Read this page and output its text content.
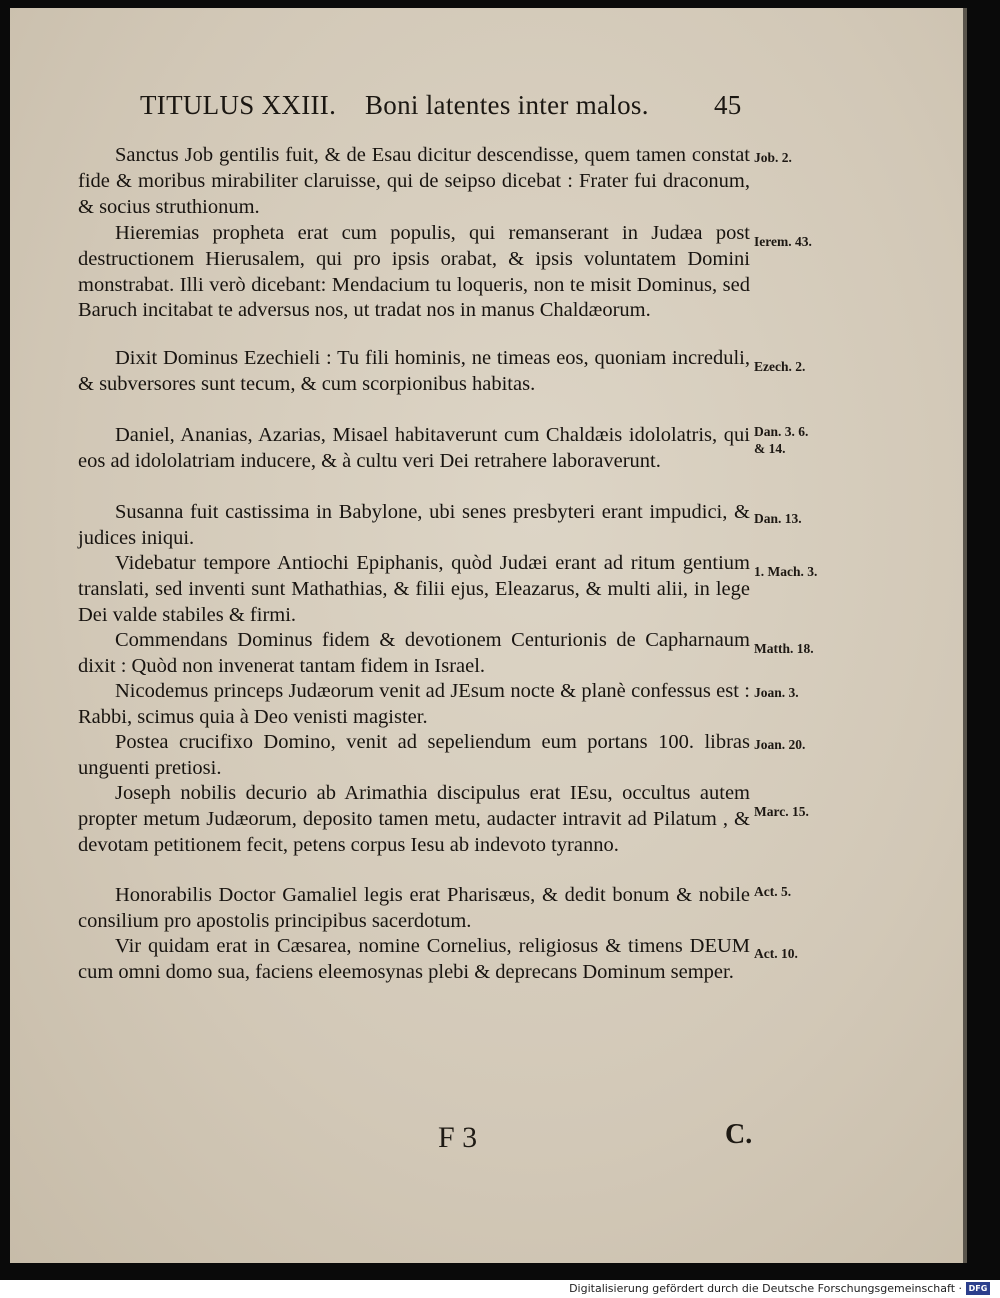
TITULUS XXIII. Boni latentes inter malos. 45

Sanctus Job gentilis fuit, & de Esau dicitur descendisse, quem tamen constat fide & moribus mirabiliter claruisse, qui de seipso dicebat : Frater fui draconum, & socius struthionum.

Hieremias propheta erat cum populis, qui remanserant in Judæa post destructionem Hierusalem, qui pro ipsis orabat, & ipsis voluntatem Domini monstrabat. Illi verò dicebant: Mendacium tu loqueris, non te misit Dominus, sed Baruch incitabat te adversus nos, ut tradat nos in manus Chaldæorum.

Dixit Dominus Ezechieli : Tu fili hominis, ne timeas eos, quoniam increduli, & subversores sunt tecum, & cum scorpionibus habitas.

Daniel, Ananias, Azarias, Misael habitaverunt cum Chaldæis idololatris, qui eos ad idololatriam inducere, & à cultu veri Dei retrahere laboraverunt.

Susanna fuit castissima in Babylone, ubi senes presbyteri erant impudici, & judices iniqui.

Videbatur tempore Antiochi Epiphanis, quòd Judæi erant ad ritum gentium translati, sed inventi sunt Mathathias, & filii ejus, Eleazarus, & multi alii, in lege Dei valde stabiles & firmi.

Commendans Dominus fidem & devotionem Centurionis de Capharnaum dixit : Quòd non invenerat tantam fidem in Israel.

Nicodemus princeps Judæorum venit ad JEsum nocte & planè confessus est : Rabbi, scimus quia à Deo venisti magister.

Postea crucifixo Domino, venit ad sepeliendum eum portans 100. libras unguenti pretiosi.

Joseph nobilis decurio ab Arimathia discipulus erat IEsu, occultus autem propter metum Judæorum, deposito tamen metu, audacter intravit ad Pilatum , & devotam petitionem fecit, petens corpus Iesu ab indevoto tyranno.

Honorabilis Doctor Gamaliel legis erat Pharisæus, & dedit bonum & nobile consilium pro apostolis principibus sacerdotum.

Vir quidam erat in Cæsarea, nomine Cornelius, religiosus & timens DEUM cum omni domo sua, faciens eleemosynas plebi & deprecans Dominum semper.

Job. 2.
Ierem. 43.
Ezech. 2.
Dan. 3. 6.
& 14.
Dan. 13.
1. Mach. 3.
Matth. 18.
Joan. 3.
Joan. 20.
Marc. 15.
Act. 5.
Act. 10.
F 3	C.
Digitalisierung gefördert durch die Deutsche Forschungsgemeinschaft · DFG
